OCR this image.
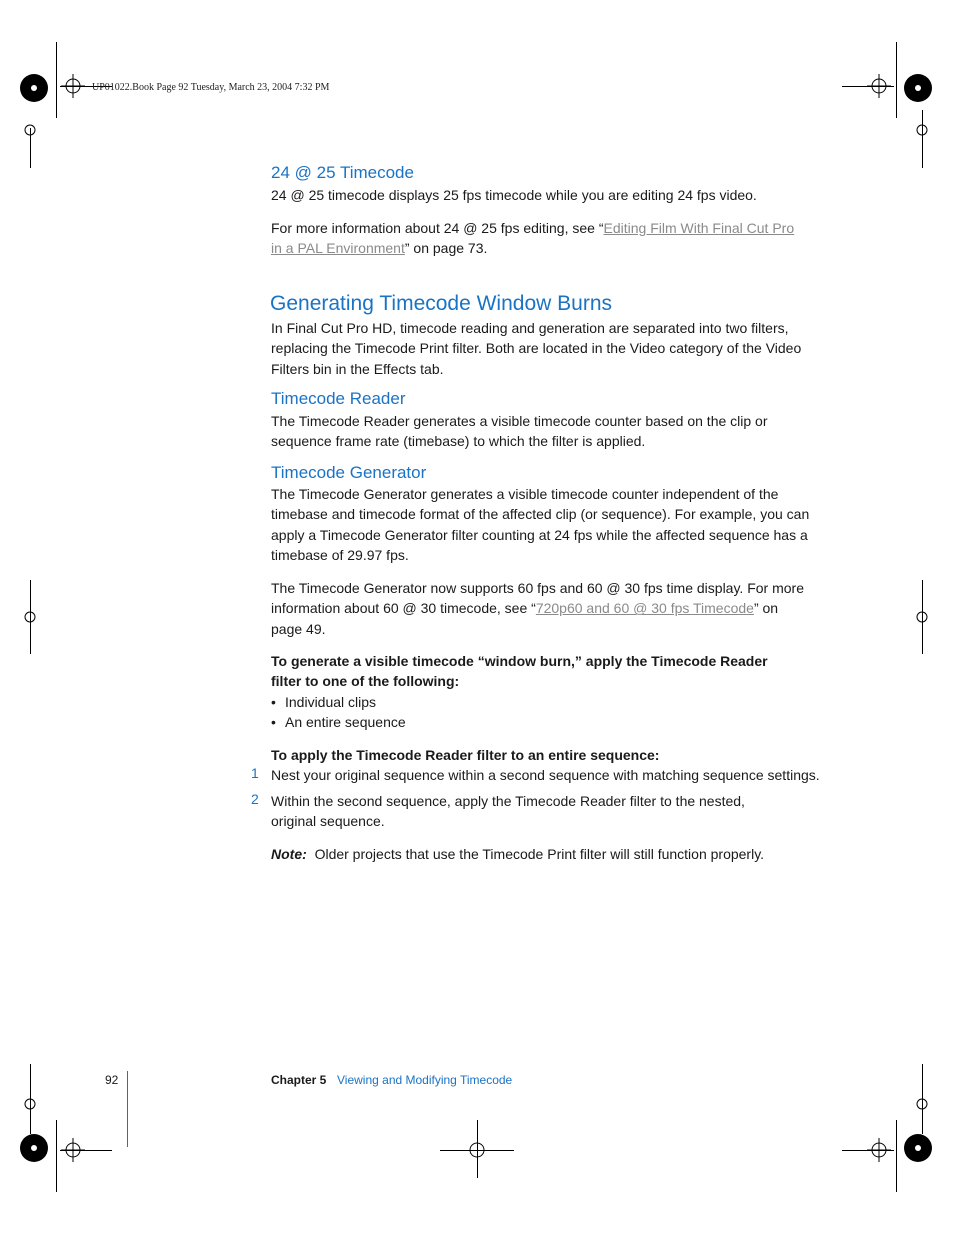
UP01022.Book Page 92 Tuesday, March 23, 2004 7:32 PM
24 @ 25 Timecode
24 @ 25 timecode displays 25 fps timecode while you are editing 24 fps video.
For more information about 24 @ 25 fps editing, see “Editing Film With Final Cut Pro
in a PAL Environment” on page 73.
Generating Timecode Window Burns
In Final Cut Pro HD, timecode reading and generation are separated into two filters,
replacing the Timecode Print filter. Both are located in the Video category of the Video
Filters bin in the Effects tab.
Timecode Reader
The Timecode Reader generates a visible timecode counter based on the clip or
sequence frame rate (timebase) to which the filter is applied.
Timecode Generator
The Timecode Generator generates a visible timecode counter independent of the
timebase and timecode format of the affected clip (or sequence). For example, you can
apply a Timecode Generator filter counting at 24 fps while the affected sequence has a
timebase of 29.97 fps.
The Timecode Generator now supports 60 fps and 60 @ 30 fps time display. For more
information about 60 @ 30 timecode, see “720p60 and 60 @ 30 fps Timecode” on
page 49.
To generate a visible timecode “window burn,” apply the Timecode Reader
filter to one of the following:
• Individual clips
• An entire sequence
To apply the Timecode Reader filter to an entire sequence:
1 Nest your original sequence within a second sequence with matching sequence settings.
2 Within the second sequence, apply the Timecode Reader filter to the nested,
original sequence.
Note: Older projects that use the Timecode Print filter will still function properly.
92	Chapter 5 Viewing and Modifying Timecode
